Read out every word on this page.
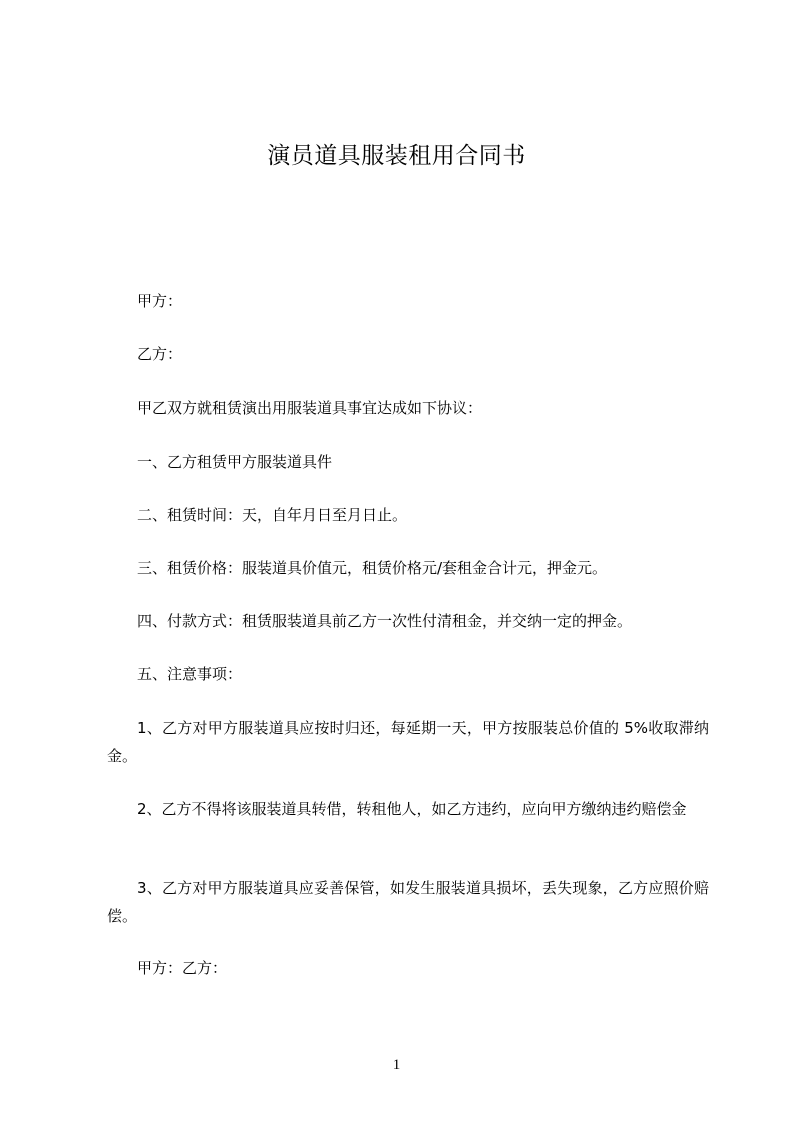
演员道具服装租用合同书
甲方：
乙方：
甲乙双方就租赁演出用服装道具事宜达成如下协议：
一、乙方租赁甲方服装道具件
二、租赁时间：天，自年月日至月日止。
三、租赁价格：服装道具价值元，租赁价格元/套租金合计元，押金元。
四、付款方式：租赁服装道具前乙方一次性付清租金，并交纳一定的押金。
五、注意事项：
1、乙方对甲方服装道具应按时归还，每延期一天，甲方按服装总价值的 5%收取滞纳金。
2、乙方不得将该服装道具转借，转租他人，如乙方违约，应向甲方缴纳违约赔偿金
3、乙方对甲方服装道具应妥善保管，如发生服装道具损坏，丢失现象，乙方应照价赔偿。
甲方：乙方：
1
